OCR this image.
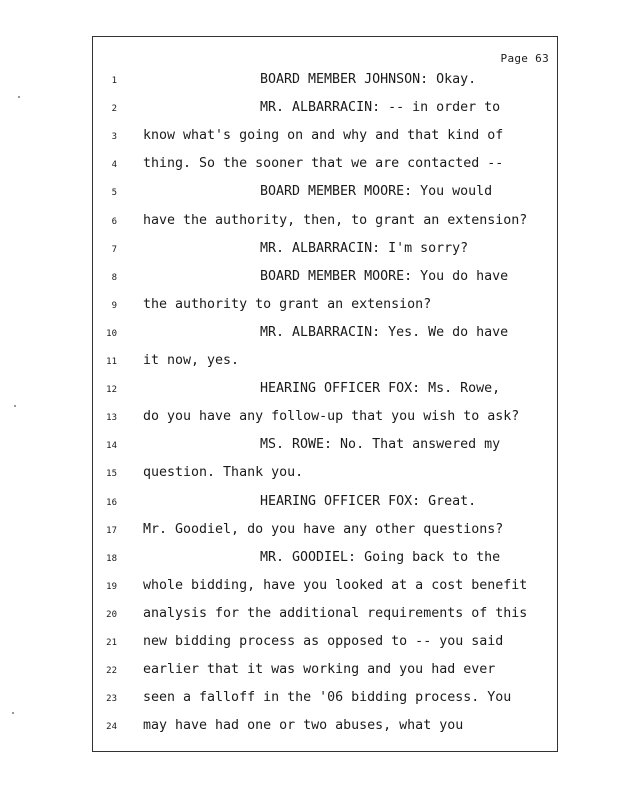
Page 63
1	BOARD MEMBER JOHNSON: Okay.
2	MR. ALBARRACIN: -- in order to
3 know what's going on and why and that kind of
4 thing. So the sooner that we are contacted --
5	BOARD MEMBER MOORE: You would
6 have the authority, then, to grant an extension?
7	MR. ALBARRACIN: I'm sorry?
8	BOARD MEMBER MOORE: You do have
9 the authority to grant an extension?
10	MR. ALBARRACIN: Yes. We do have
11 it now, yes.
12	HEARING OFFICER FOX: Ms. Rowe,
13 do you have any follow-up that you wish to ask?
14	MS. ROWE: No. That answered my
15 question. Thank you.
16	HEARING OFFICER FOX: Great.
17 Mr. Goodiel, do you have any other questions?
18	MR. GOODIEL: Going back to the
19 whole bidding, have you looked at a cost benefit
20 analysis for the additional requirements of this
21 new bidding process as opposed to -- you said
22 earlier that it was working and you had ever
23 seen a falloff in the '06 bidding process. You
24 may have had one or two abuses, what you
